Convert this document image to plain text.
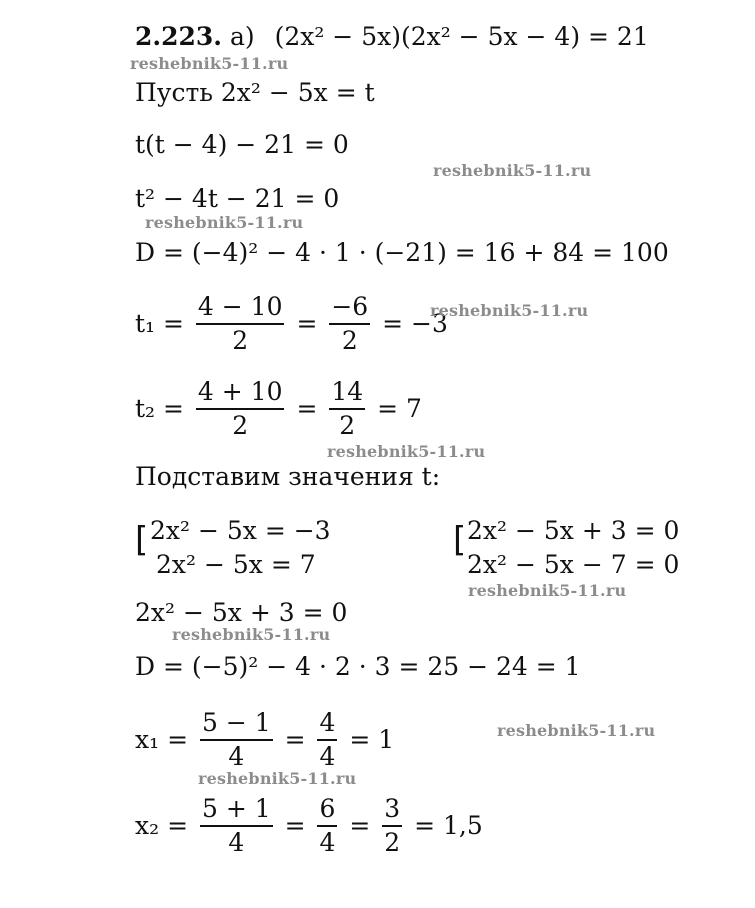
2.223. а) (2x² − 5x)(2x² − 5x − 4) = 21
reshebnik5-11.ru
Пусть 2x² − 5x = t
t(t − 4) − 21 = 0
reshebnik5-11.ru
t² − 4t − 21 = 0
reshebnik5-11.ru
D = (−4)² − 4 · 1 · (−21) = 16 + 84 = 100
$t_1 = \frac{4 - 10}{2} = \frac{-6}{2} = -3$
reshebnik5-11.ru
$t_2 = \frac{4 + 10}{2} = \frac{14}{2} = 7$
reshebnik5-11.ru
Подставим значения t:
[ 2x² − 5x = −3
2x² − 5x = 7
[ 2x² − 5x + 3 = 0
2x² − 5x − 7 = 0
reshebnik5-11.ru
2x² − 5x + 3 = 0
reshebnik5-11.ru
D = (−5)² − 4 · 2 · 3 = 25 − 24 = 1
$x_1 = \frac{5 - 1}{4} = \frac{4}{4} = 1$	reshebnik5-11.ru
reshebnik5-11.ru
$x_2 = \frac{5 + 1}{4} = \frac{6}{4} = \frac{3}{2} = 1,5$
